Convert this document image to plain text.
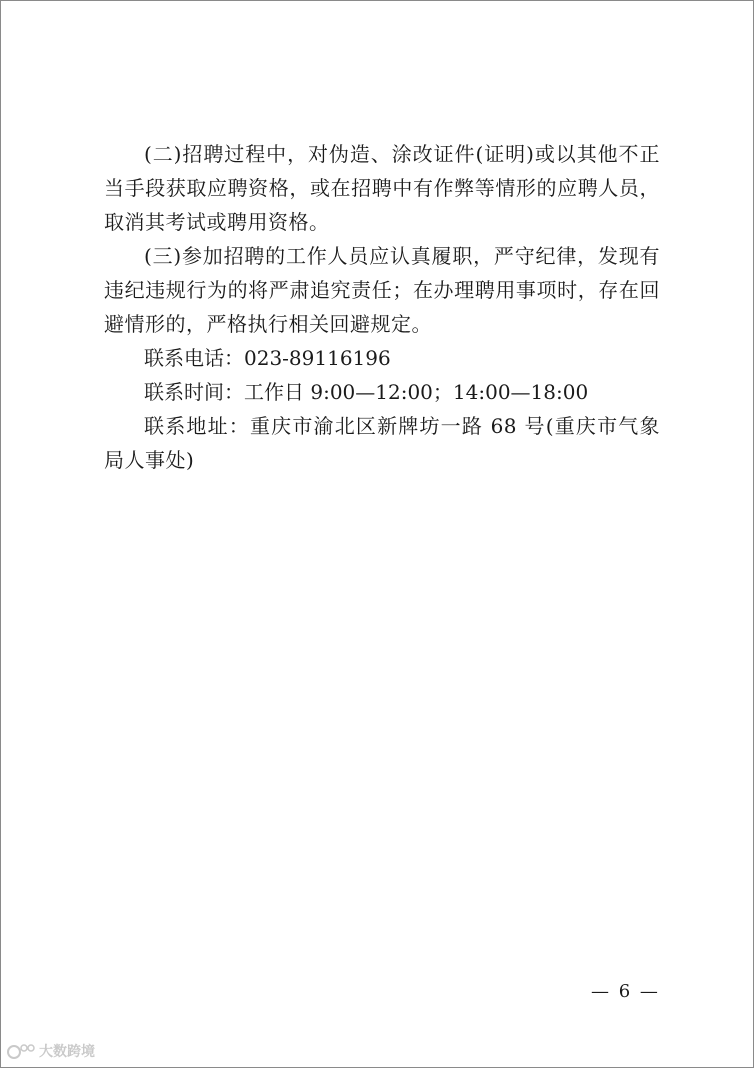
(二)招聘过程中，对伪造、涂改证件(证明)或以其他不正当手段获取应聘资格，或在招聘中有作弊等情形的应聘人员，取消其考试或聘用资格。

(三)参加招聘的工作人员应认真履职，严守纪律，发现有违纪违规行为的将严肃追究责任；在办理聘用事项时，存在回避情形的，严格执行相关回避规定。

联系电话：023-89116196

联系时间：工作日 9:00—12:00；14:00—18:00

联系地址：重庆市渝北区新牌坊一路 68 号(重庆市气象局人事处)

— 6 —
大数跨境
